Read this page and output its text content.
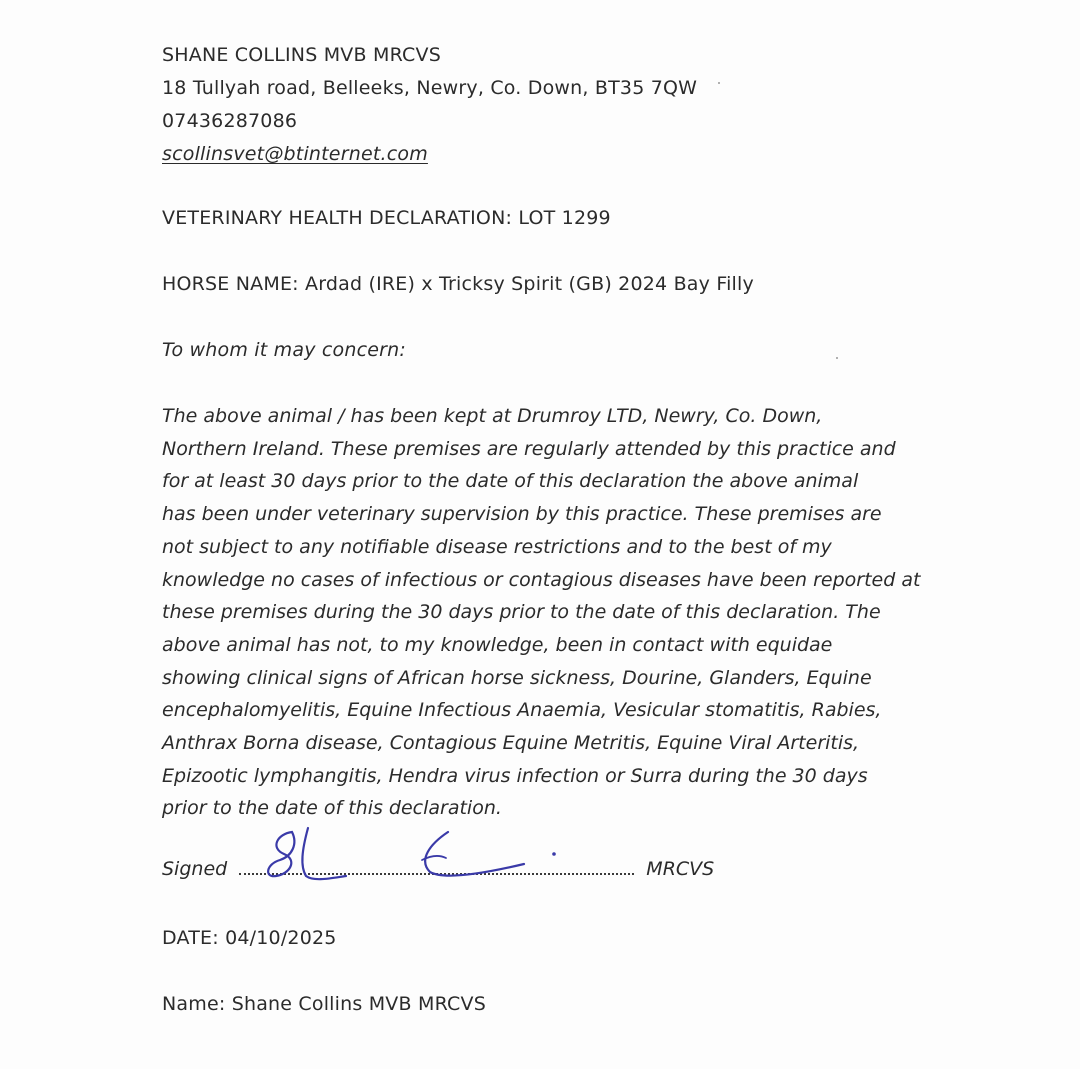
SHANE COLLINS MVB MRCVS
18 Tullyah road, Belleeks, Newry, Co. Down, BT35 7QW
07436287086
scollinsvet@btinternet.com
VETERINARY HEALTH DECLARATION: LOT 1299
HORSE NAME: Ardad (IRE) x Tricksy Spirit (GB) 2024 Bay Filly
To whom it may concern:
The above animal / has been kept at Drumroy LTD, Newry, Co. Down,
Northern Ireland. These premises are regularly attended by this practice and
for at least 30 days prior to the date of this declaration the above animal
has been under veterinary supervision by this practice. These premises are
not subject to any notifiable disease restrictions and to the best of my
knowledge no cases of infectious or contagious diseases have been reported at
these premises during the 30 days prior to the date of this declaration. The
above animal has not, to my knowledge, been in contact with equidae
showing clinical signs of African horse sickness, Dourine, Glanders, Equine
encephalomyelitis, Equine Infectious Anaemia, Vesicular stomatitis, Rabies,
Anthrax Borna disease, Contagious Equine Metritis, Equine Viral Arteritis,
Epizootic lymphangitis, Hendra virus infection or Surra during the 30 days
prior to the date of this declaration.
Signed	MRCVS
DATE: 04/10/2025
Name: Shane Collins MVB MRCVS
